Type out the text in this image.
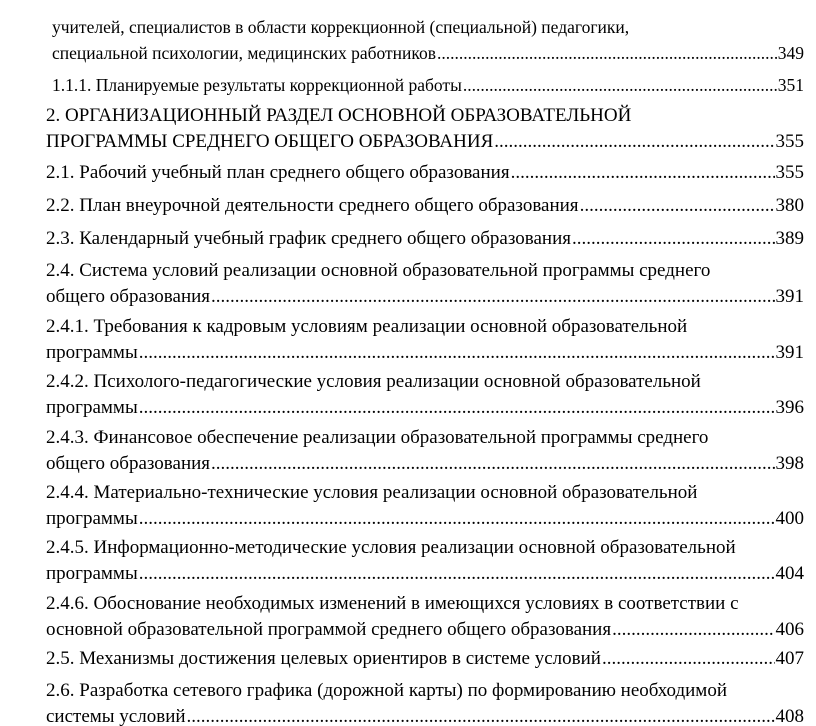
учителей, специалистов в области коррекционной (специальной) педагогики,
специальной психологии, медицинских работников .....	349
1.1.1. Планируемые результаты коррекционной работы .....	351
2. ОРГАНИЗАЦИОННЫЙ РАЗДЕЛ ОСНОВНОЙ ОБРАЗОВАТЕЛЬНОЙ
ПРОГРАММЫ СРЕДНЕГО ОБЩЕГО ОБРАЗОВАНИЯ .....	355
2.1. Рабочий учебный план среднего общего образования .....	355
2.2. План внеурочной деятельности среднего общего образования .....	380
2.3. Календарный учебный график среднего общего образования .....	389
2.4. Система условий реализации основной образовательной программы среднего
общего образования .....	391
2.4.1. Требования к кадровым условиям реализации основной образовательной
программы .....	391
2.4.2. Психолого-педагогические условия реализации основной образовательной
программы .....	396
2.4.3. Финансовое обеспечение реализации образовательной программы среднего
общего образования .....	398
2.4.4. Материально-технические условия реализации основной образовательной
программы .....	400
2.4.5. Информационно-методические условия реализации основной образовательной
программы .....	404
2.4.6. Обоснование необходимых изменений в имеющихся условиях в соответствии с
основной образовательной программой среднего общего образования .....	406
2.5. Механизмы достижения целевых ориентиров в системе условий .....	407
2.6. Разработка сетевого графика (дорожной карты) по формированию необходимой
системы условий .....	408
